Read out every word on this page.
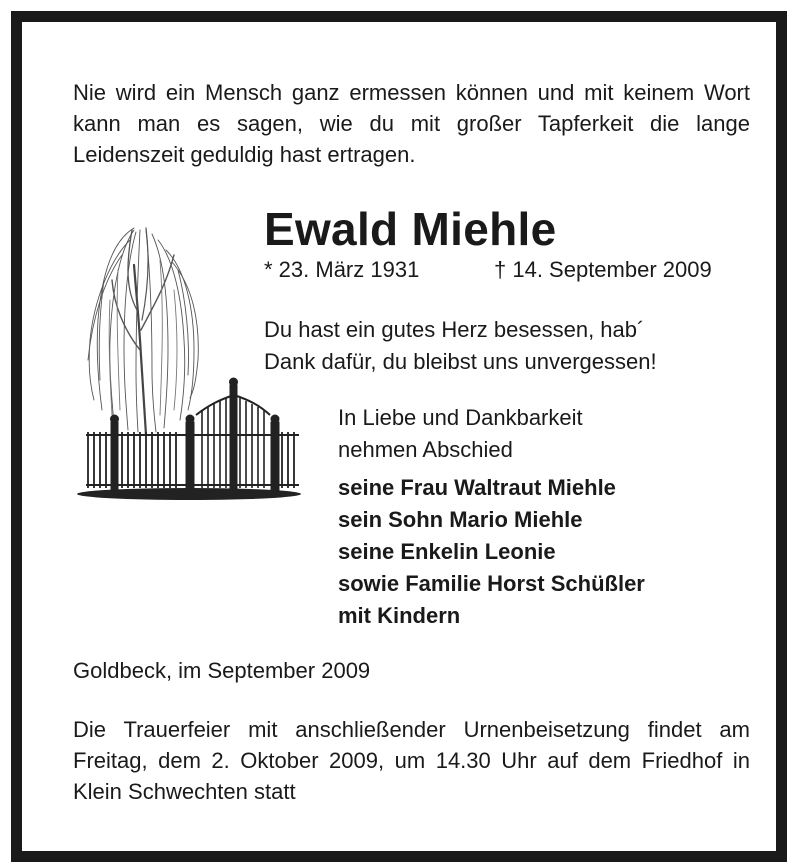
Nie wird ein Mensch ganz ermessen können und mit keinem Wort kann man es sagen, wie du mit großer Tapferkeit die lange Leidenszeit geduldig hast ertragen.
Ewald Miehle
* 23. März 1931	† 14. September 2009
Du hast ein gutes Herz besessen, hab´
Dank dafür, du bleibst uns unvergessen!
In Liebe und Dankbarkeit
nehmen Abschied
seine Frau Waltraut Miehle
sein Sohn Mario Miehle
seine Enkelin Leonie
sowie Familie Horst Schüßler
mit Kindern
Goldbeck, im September 2009
Die Trauerfeier mit anschließender Urnenbeisetzung findet am Freitag, dem 2. Oktober 2009, um 14.30 Uhr auf dem Friedhof in Klein Schwechten statt
